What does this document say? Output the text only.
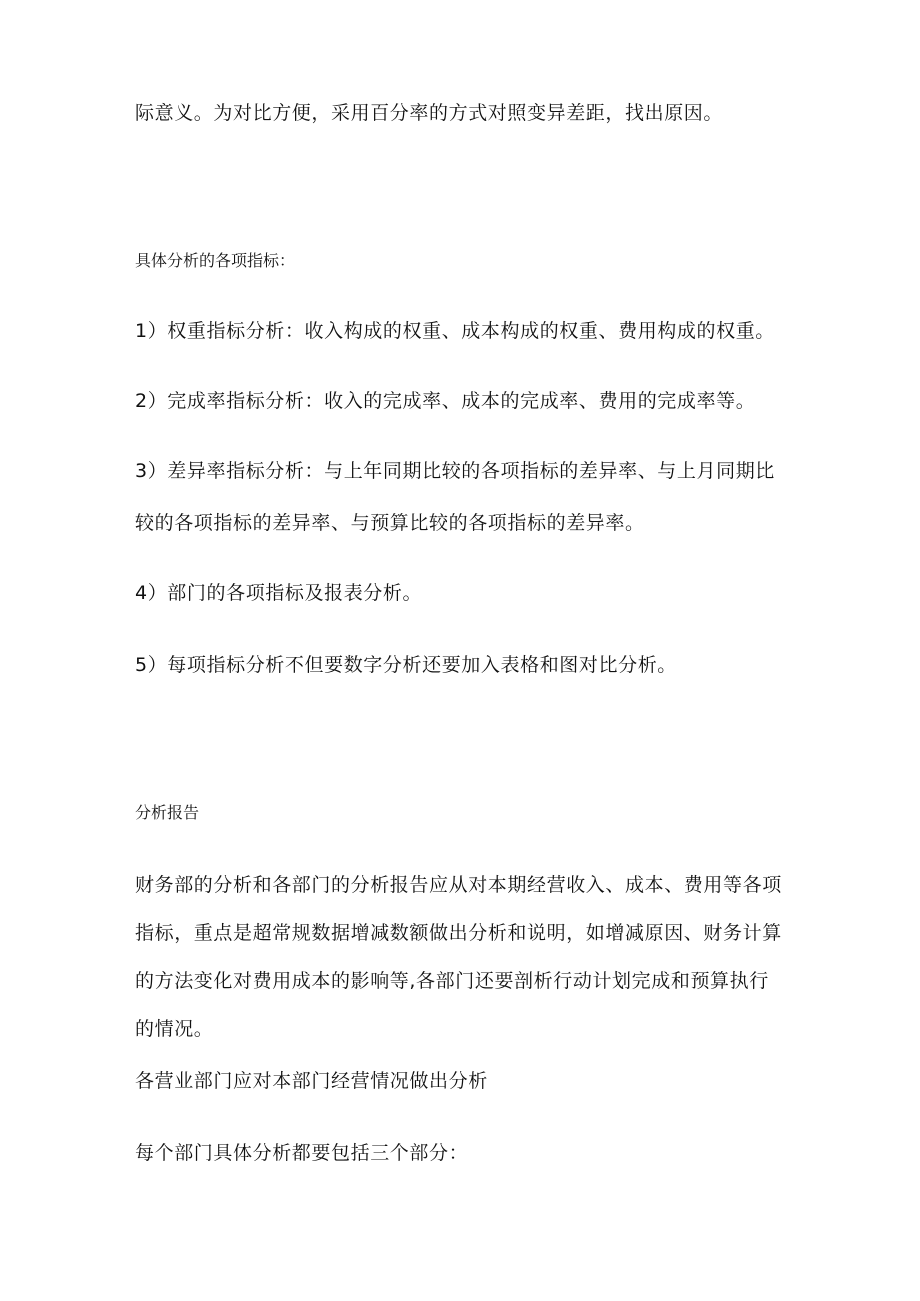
际意义。为对比方便，采用百分率的方式对照变异差距，找出原因。
具体分析的各项指标：
1）权重指标分析：收入构成的权重、成本构成的权重、费用构成的权重。
2）完成率指标分析：收入的完成率、成本的完成率、费用的完成率等。
3）差异率指标分析：与上年同期比较的各项指标的差异率、与上月同期比
较的各项指标的差异率、与预算比较的各项指标的差异率。
4）部门的各项指标及报表分析。
5）每项指标分析不但要数字分析还要加入表格和图对比分析。
分析报告
财务部的分析和各部门的分析报告应从对本期经营收入、成本、费用等各项
指标，重点是超常规数据增减数额做出分析和说明，如增减原因、财务计算
的方法变化对费用成本的影响等,各部门还要剖析行动计划完成和预算执行
的情况。
各营业部门应对本部门经营情况做出分析
每个部门具体分析都要包括三个部分：
